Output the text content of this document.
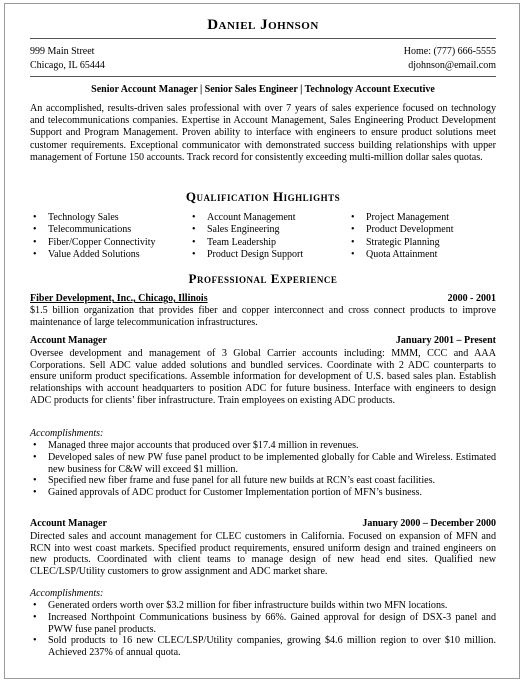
Daniel Johnson
999 Main Street
Chicago, IL 65444
Home: (777) 666-5555
djohnson@email.com
Senior Account Manager | Senior Sales Engineer | Technology Account Executive
An accomplished, results-driven sales professional with over 7 years of sales experience focused on technology and telecommunications companies. Expertise in Account Management, Sales Engineering Product Development Support and Program Management. Proven ability to interface with engineers to ensure product solutions meet customer requirements. Exceptional communicator with demonstrated success building relationships with upper management of Fortune 150 accounts. Track record for consistently exceeding multi-million dollar sales quotas.
Qualification Highlights
• Technology Sales
• Telecommunications
• Fiber/Copper Connectivity
• Value Added Solutions
• Account Management
• Sales Engineering
• Team Leadership
• Product Design Support
• Project Management
• Product Development
• Strategic Planning
• Quota Attainment
Professional Experience
Fiber Development, Inc., Chicago, Illinois	2000 - 2001
$1.5 billion organization that provides fiber and copper interconnect and cross connect products to improve maintenance of large telecommunication infrastructures.
Account Manager	January 2001 – Present
Oversee development and management of 3 Global Carrier accounts including: MMM, CCC and AAA Corporations. Sell ADC value added solutions and bundled services. Coordinate with 2 ADC counterparts to ensure uniform product specifications. Assemble information for development of U.S. based sales plan. Establish relationships with account headquarters to position ADC for future business. Interface with engineers to design ADC products for clients’ fiber infrastructure. Train employees on existing ADC products.
Accomplishments:
• Managed three major accounts that produced over $17.4 million in revenues.
• Developed sales of new PW fuse panel product to be implemented globally for Cable and Wireless. Estimated new business for C&W will exceed $1 million.
• Specified new fiber frame and fuse panel for all future new builds at RCN’s east coast facilities.
• Gained approvals of ADC product for Customer Implementation portion of MFN’s business.
Account Manager	January 2000 – December 2000
Directed sales and account management for CLEC customers in California. Focused on expansion of MFN and RCN into west coast markets. Specified product requirements, ensured uniform design and trained engineers on new products. Coordinated with client teams to manage design of new head end sites. Qualified new CLEC/LSP/Utility customers to grow assignment and ADC market share.
Accomplishments:
• Generated orders worth over $3.2 million for fiber infrastructure builds within two MFN locations.
• Increased Northpoint Communications business by 66%. Gained approval for design of DSX-3 panel and PWW fuse panel products.
• Sold products to 16 new CLEC/LSP/Utility companies, growing $4.6 million region to over $10 million. Achieved 237% of annual quota.
